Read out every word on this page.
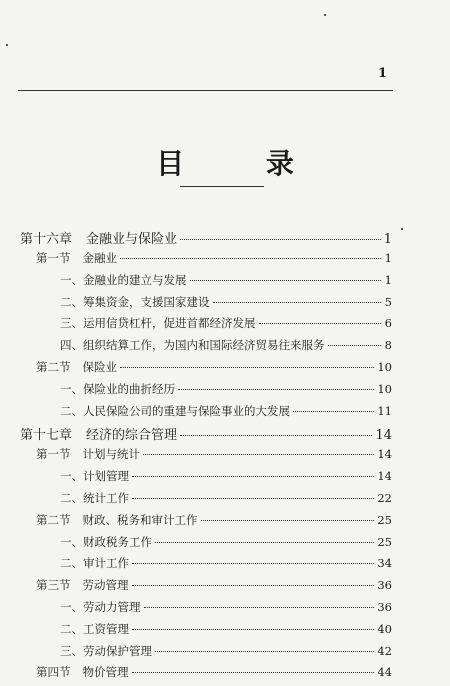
1
目 录
第十六章 金融业与保险业	1
第一节 金融业	1
一、 金融业的建立与发展	1
二、 筹集资金，支援国家建设	5
三、 运用信贷杠杆，促进首都经济发展	6
四、 组织结算工作，为国内和国际经济贸易往来服务	8
第二节 保险业	10
一、 保险业的曲折经历	10
二、 人民保险公司的重建与保险事业的大发展	11
第十七章 经济的综合管理	14
第一节 计划与统计	14
一、 计划管理	14
二、 统计工作	22
第二节 财政、税务和审计工作	25
一、 财政税务工作	25
二、 审计工作	34
第三节 劳动管理	36
一、 劳动力管理	36
二、 工资管理	40
三、 劳动保护管理	42
第四节 物价管理	44
